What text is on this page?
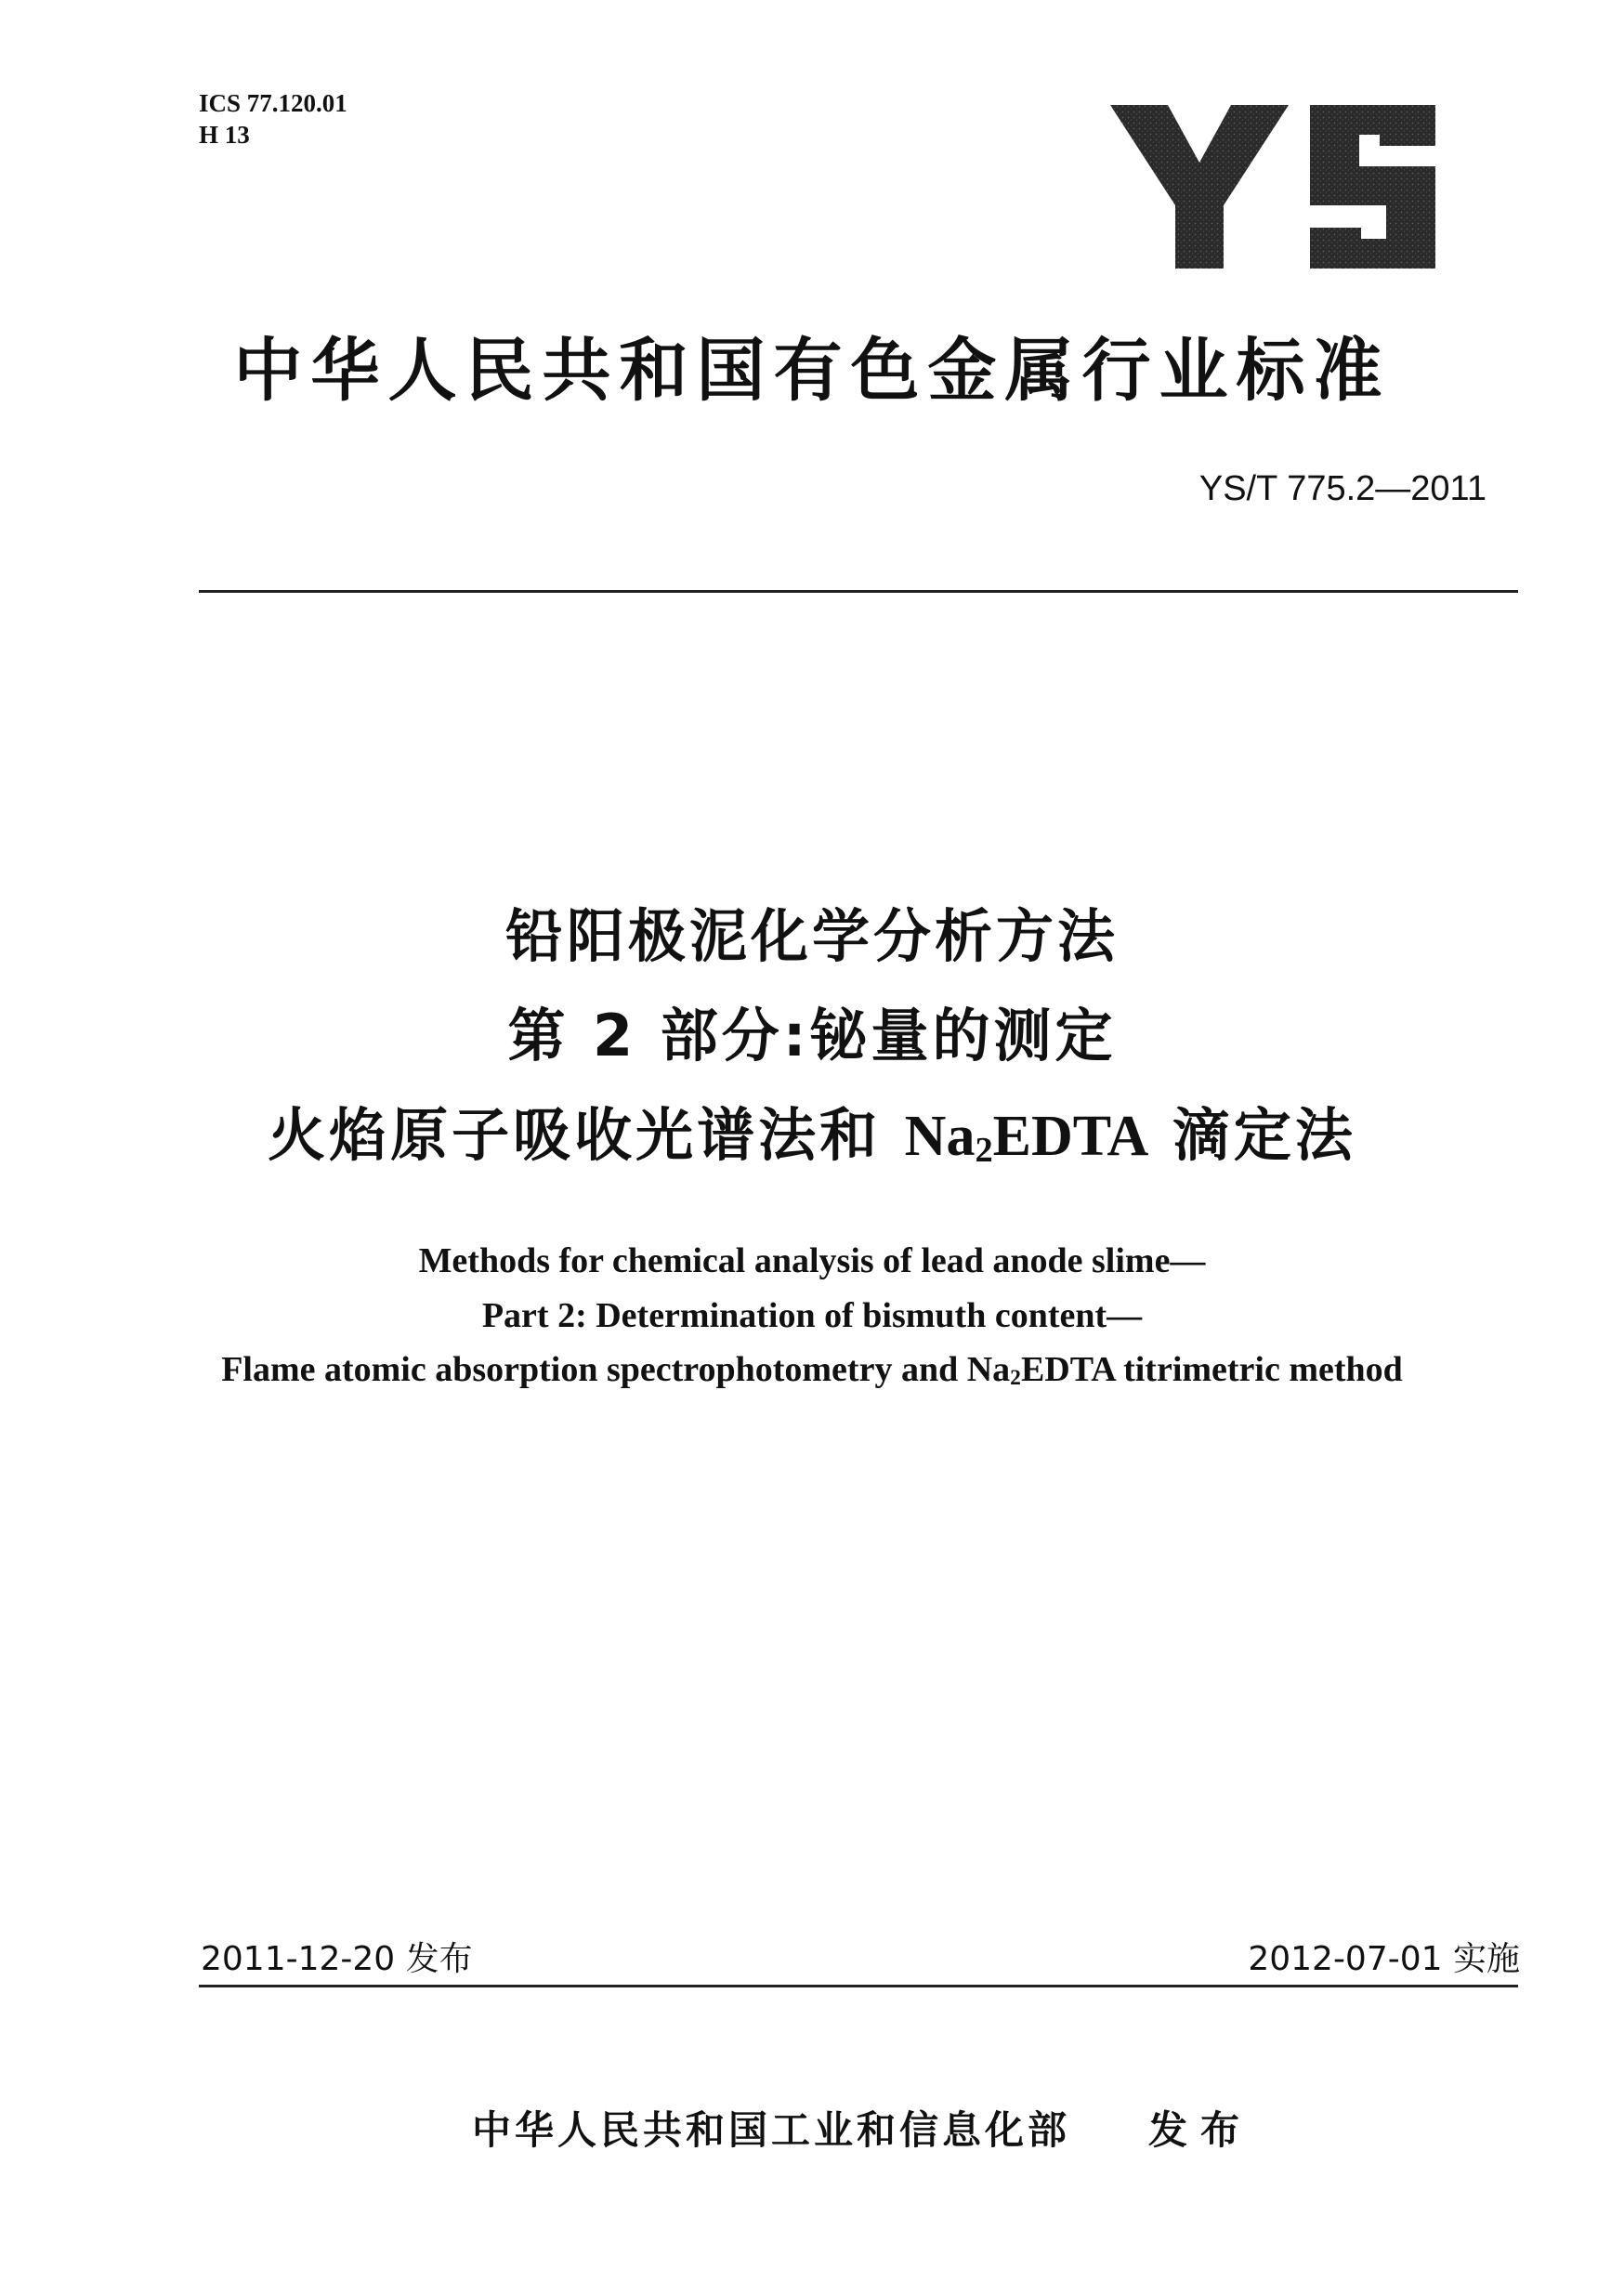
ICS 77.120.01
H 13
中华人民共和国有色金属行业标准
YS/T 775.2—2011
铅阳极泥化学分析方法
第 2 部分:铋量的测定
火焰原子吸收光谱法和 $Na_2EDTA$ 滴定法
Methods for chemical analysis of lead anode slime—
Part 2: Determination of bismuth content—
Flame atomic absorption spectrophotometry and $Na_2EDTA$ titrimetric method
2011-12-20 发布	2012-07-01 实施
中华人民共和国工业和信息化部 发布
